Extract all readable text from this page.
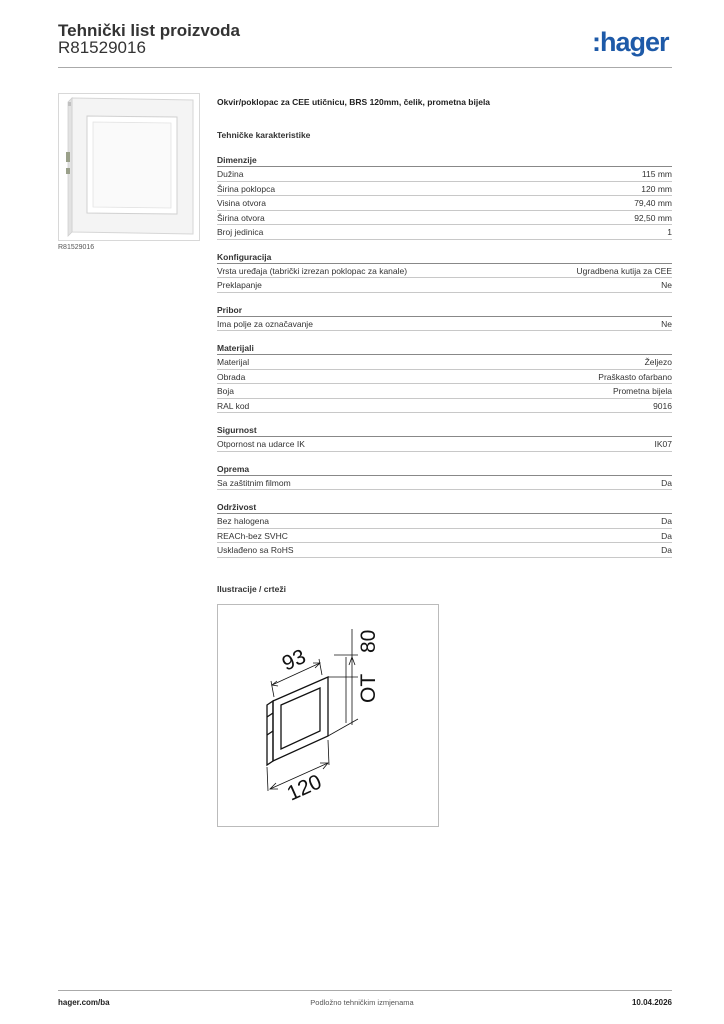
Tehnički list proizvoda
R81529016	:hager
R81529016
Okvir/poklopac za CEE utičnicu, BRS 120mm, čelik, prometna bijela
Tehničke karakteristike
Dimenzije
Dužina	115 mm
Širina poklopca	120 mm
Visina otvora	79,40 mm
Širina otvora	92,50 mm
Broj jedinica	1
Konfiguracija
Vrsta uređaja (tabrički izrezan poklopac za kanale)	Ugradbena kutija za CEE
Preklapanje	Ne
Pribor
Ima polje za označavanje	Ne
Materijali
Materijal	Željezo
Obrada	Praškasto ofarbano
Boja	Prometna bijela
RAL kod	9016
Sigurnost
Otpornost na udarce IK	IK07
Oprema
Sa zaštitnim filmom	Da
Održivost
Bez halogena	Da
REACh-bez SVHC	Da
Usklađeno sa RoHS	Da
Ilustracije / crteži
93
80
OT
120
hager.com/ba	Podložno tehničkim izmjenama	10.04.2026
